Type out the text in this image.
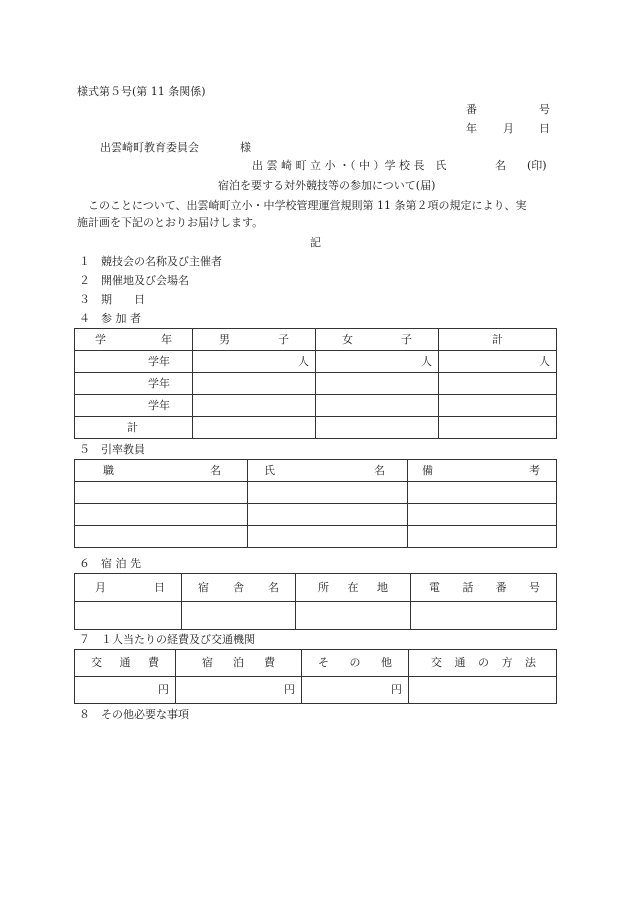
様式第５号(第 11 条関係)
番	号
年 月 日
出雲崎町教育委員会	様
出 雲 崎 町 立 小 ・（ 中 ）学 校 長　氏	名 (印)
宿泊を要する対外競技等の参加について(届)
このことについて、出雲崎町立小・中学校管理運営規則第 11 条第２項の規定により、実
施計画を下記のとおりお届けします。
記
１　競技会の名称及び主催者
２　開催地及び会場名
３　期　　日
４　参 加 者
学 年	男 子	女 子	計
学年	人	人	人
学年			
学年			
計			
５　引率教員
職 名	氏 名	備 考

６　宿 泊 先
月 日	宿 舎 名	所 在 地	電 話 番 号

７　１人当たりの経費及び交通機関
交 通 費	宿 泊 費	そ の 他	交 通 の 方 法

円	円	円	
８　その他必要な事項
